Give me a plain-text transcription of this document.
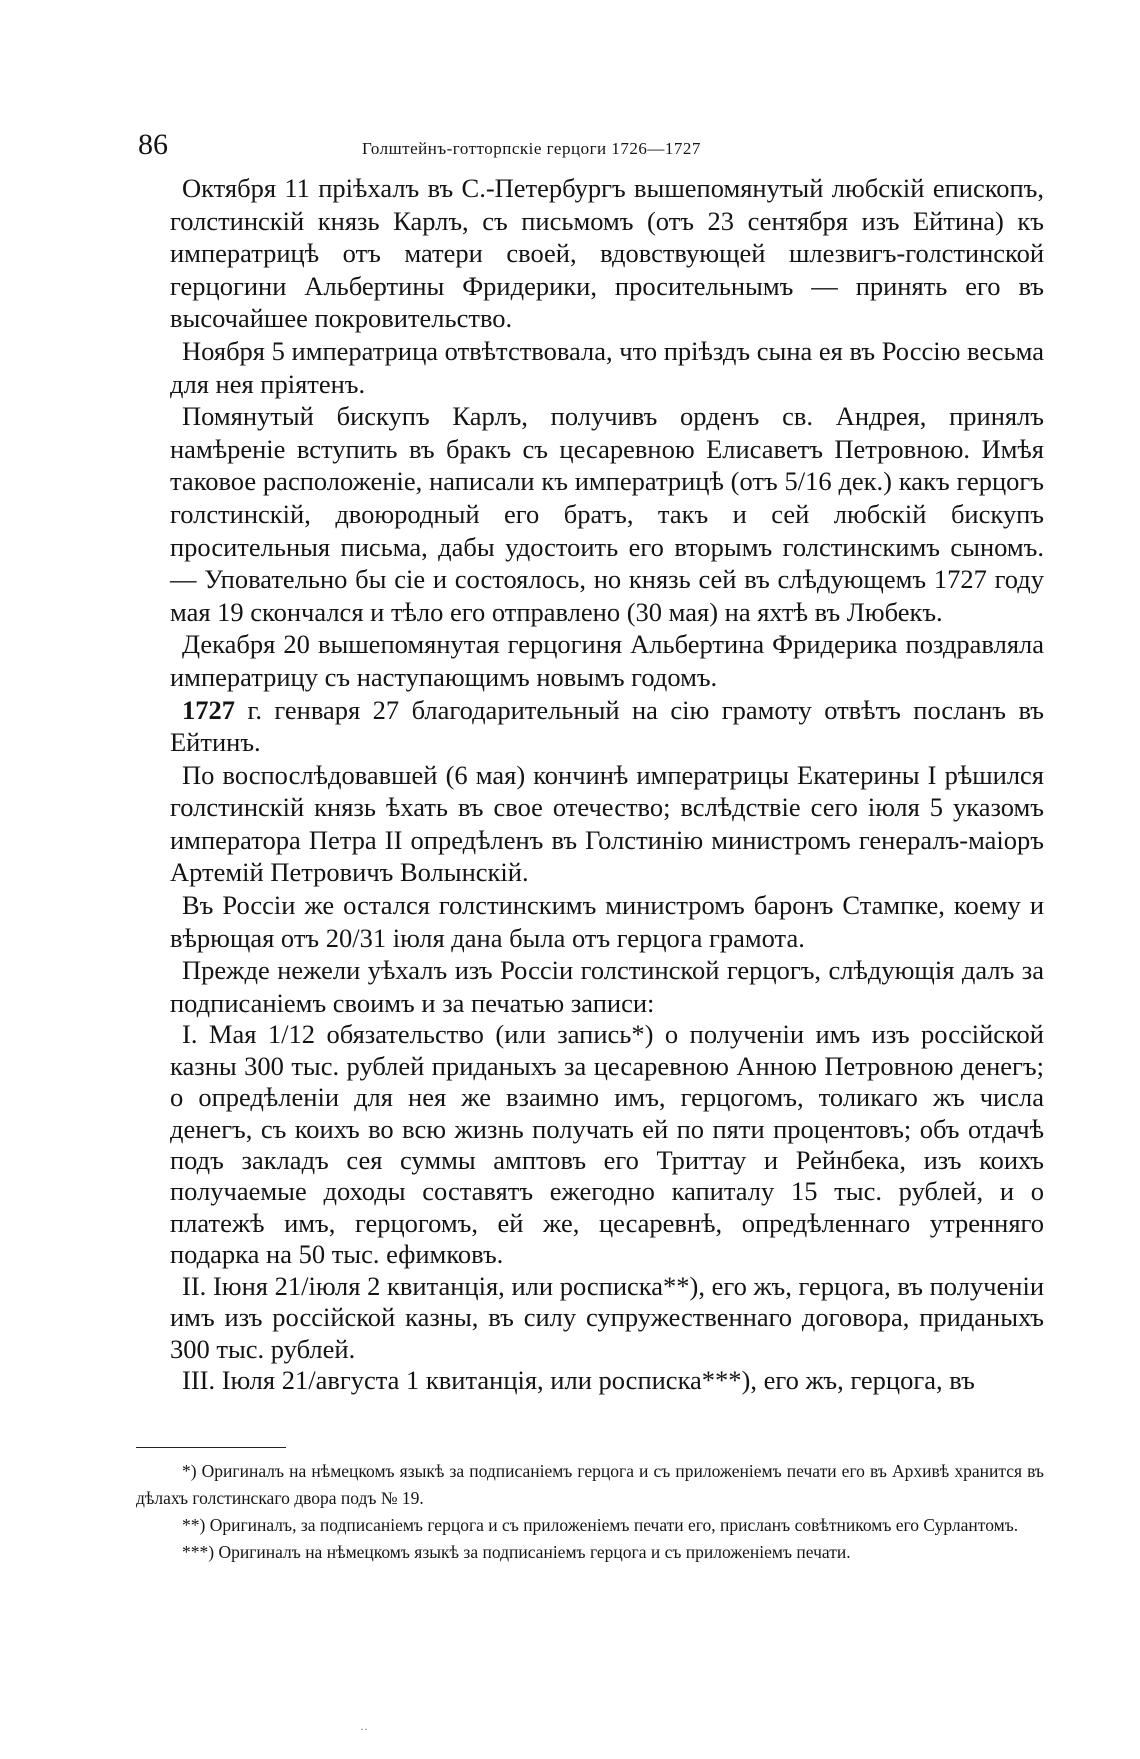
86	Голштейнъ-готторпскіе герцоги 1726—1727

Октября 11 пріѣхалъ въ С.-Петербургъ вышепомянутый любскій епископъ, голстинскій князь Карлъ, съ письмомъ (отъ 23 сентября изъ Ейтина) къ императрицѣ отъ матери своей, вдовствующей шлезвигъ-голстинской герцогини Альбертины Фридерики, просительнымъ — принять его въ высочайшее покровительство.

Ноября 5 императрица отвѣтствовала, что пріѣздъ сына ея въ Россію весьма для нея пріятенъ.

Помянутый бискупъ Карлъ, получивъ орденъ св. Андрея, принялъ намѣреніе вступить въ бракъ съ цесаревною Елисаветъ Петровною. Имѣя таковое расположеніе, написали къ императрицѣ (отъ 5/16 дек.) какъ герцогъ голстинскій, двоюродный его братъ, такъ и сей любскій бискупъ просительныя письма, дабы удостоить его вторымъ голстинскимъ сыномъ. — Уповательно бы сіе и состоялось, но князь сей въ слѣдующемъ 1727 году мая 19 скончался и тѣло его отправлено (30 мая) на яхтѣ въ Любекъ.

Декабря 20 вышепомянутая герцогиня Альбертина Фридерика поздравляла императрицу съ наступающимъ новымъ годомъ.

1727 г. генваря 27 благодарительный на сію грамоту отвѣтъ посланъ въ Ейтинъ.

По воспослѣдовавшей (6 мая) кончинѣ императрицы Екатерины I рѣшился голстинскій князь ѣхать въ свое отечество; вслѣдствіе сего іюля 5 указомъ императора Петра II опредѣленъ въ Голстинію министромъ генералъ-маіоръ Артемій Петровичъ Волынскій.

Въ Россіи же остался голстинскимъ министромъ баронъ Стампке, коему и вѣрющая отъ 20/31 іюля дана была отъ герцога грамота.

Прежде нежели уѣхалъ изъ Россіи голстинской герцогъ, слѣдующія далъ за подписаніемъ своимъ и за печатью записи:

I. Мая 1/12 обязательство (или запись*) о полученіи имъ изъ россійской казны 300 тыс. рублей приданыхъ за цесаревною Анною Петровною денегъ; о опредѣленіи для нея же взаимно имъ, герцогомъ, толикаго жъ числа денегъ, съ коихъ во всю жизнь получать ей по пяти процентовъ; объ отдачѣ подъ закладъ сея суммы амптовъ его Триттау и Рейнбека, изъ коихъ получаемые доходы составятъ ежегодно капиталу 15 тыс. рублей, и о платежѣ имъ, герцогомъ, ей же, цесаревнѣ, опредѣленнаго утренняго подарка на 50 тыс. ефимковъ.

II. Іюня 21/іюля 2 квитанція, или росписка**), его жъ, герцога, въ полученіи имъ изъ россійской казны, въ силу супружественнаго договора, приданыхъ 300 тыс. рублей.

III. Іюля 21/августа 1 квитанція, или росписка***), его жъ, герцога, въ

*) Оригиналъ на нѣмецкомъ языкѣ за подписаніемъ герцога и съ приложеніемъ печати его въ Архивѣ хранится въ дѣлахъ голстинскаго двора подъ № 19.

**) Оригиналъ, за подписаніемъ герцога и съ приложеніемъ печати его, присланъ совѣтникомъ его Сурлантомъ.

***) Оригиналъ на нѣмецкомъ языкѣ за подписаніемъ герцога и съ приложеніемъ печати.

··
